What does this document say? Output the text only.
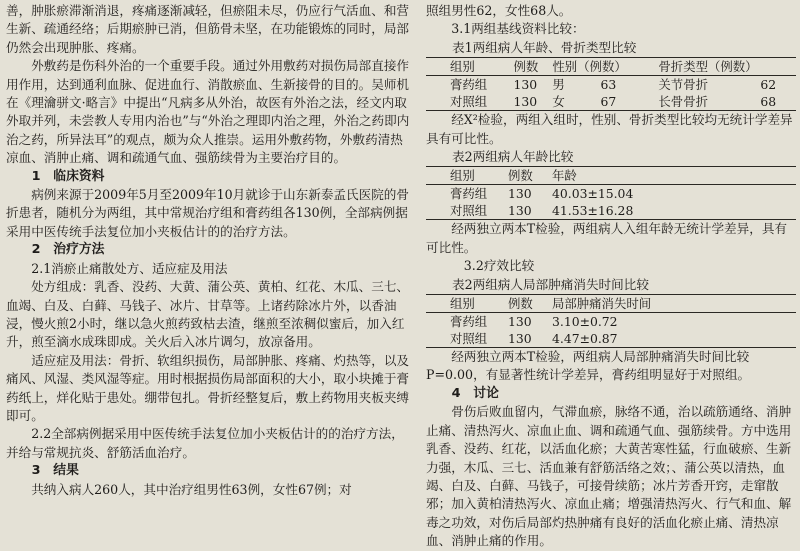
善，肿胀瘀滞渐消退，疼痛逐渐减轻，但瘀阻未尽，仍应行气活血、和营生新、疏通经络；后期瘀肿已消，但筋骨未坚，在功能锻炼的同时，局部仍然会出现肿胀、疼痛。

外敷药是伤科外治的一个重要手段。通过外用敷药对损伤局部直接作用作用，达到通利血脉、促进血行、消散瘀血、生新接骨的目的。吴师机在《理瀹骈文·略言》中提出“凡病多从外治，故医有外治之法，经文内取外取并列，未尝教人专用内治也”与“外治之理即内治之理，外治之药即内治之药，所异法耳”的观点，颇为众人推崇。运用外敷药物，外敷药清热凉血、消肿止痛、调和疏通气血、强筋续骨为主要治疗目的。

1　临床资料

病例来源于2009年5月至2009年10月就诊于山东新泰孟氏医院的骨折患者，随机分为两组，其中常规治疗组和膏药组各130例，全部病例据采用中医传统手法复位加小夹板估计的的治疗方法。

2　治疗方法

2.1消瘀止痛散处方、适应症及用法

处方组成：乳香、没药、大黄、蒲公英、黄柏、红花、木瓜、三七、血竭、白及、白藓、马钱子、冰片、甘草等。上诸药除冰片外，以香油浸，慢火煎2小时，继以急火煎药致枯去渣，继煎至浓稠似蜜后，加入红升，煎至滴水成珠即成。关火后入冰片调匀，放凉备用。

适应症及用法：骨折、软组织损伤，局部肿胀、疼痛、灼热等，以及痛风、风湿、类风湿等症。用时根据损伤局部面积的大小，取小块摊于膏药纸上，烊化贴于患处。绷带包扎。骨折经整复后，敷上药物用夹板夹缚即可。

2.2全部病例据采用中医传统手法复位加小夹板估计的的治疗方法，并给与常规抗炎、舒筋活血治疗。

3　结果

共纳入病人260人，其中治疗组男性63例，女性67例；对

照组男性62，女性68人。

3.1两组基线资料比较：

表1两组病人年龄、骨折类型比较

组别	例数	性别（例数）		骨折类型（例数）	
膏药组	130	男	63	关节骨折	62
对照组	130	女	67	长骨骨折	68

经X²检验，两组入组时，性别、骨折类型比较均无统计学差异具有可比性。

表2两组病人年龄比较

组别	例数	年龄
膏药组	130	40.03±15.04
对照组	130	41.53±16.28

经两独立两本T检验，两组病人入组年龄无统计学差异，具有可比性。

3.2疗效比较

表2两组病人局部肿痛消失时间比较

组别	例数	局部肿痛消失时间
膏药组	130	3.10±0.72
对照组	130	4.47±0.87

经两独立两本T检验，两组病人局部肿痛消失时间比较P=0.00，有显著性统计学差异，膏药组明显好于对照组。

4　讨论

骨伤后败血留内，气滞血瘀，脉络不通，治以疏筋通络、消肿止痛、清热泻火、凉血止血、调和疏通气血、强筋续骨。方中选用乳香、没药、红花，以活血化瘀；大黄苦寒性猛，行血破瘀、生新力强，木瓜、三七、活血兼有舒筋活络之效；、蒲公英以清热，血竭、白及、白藓、马钱子，可接骨续筋；冰片芳香开窍，走窜散邪；加入黄柏清热泻火、凉血止痛；增强清热泻火、行气和血、解毒之功效，对伤后局部灼热肿痛有良好的活血化瘀止痛、清热凉血、消肿止痛的作用。
